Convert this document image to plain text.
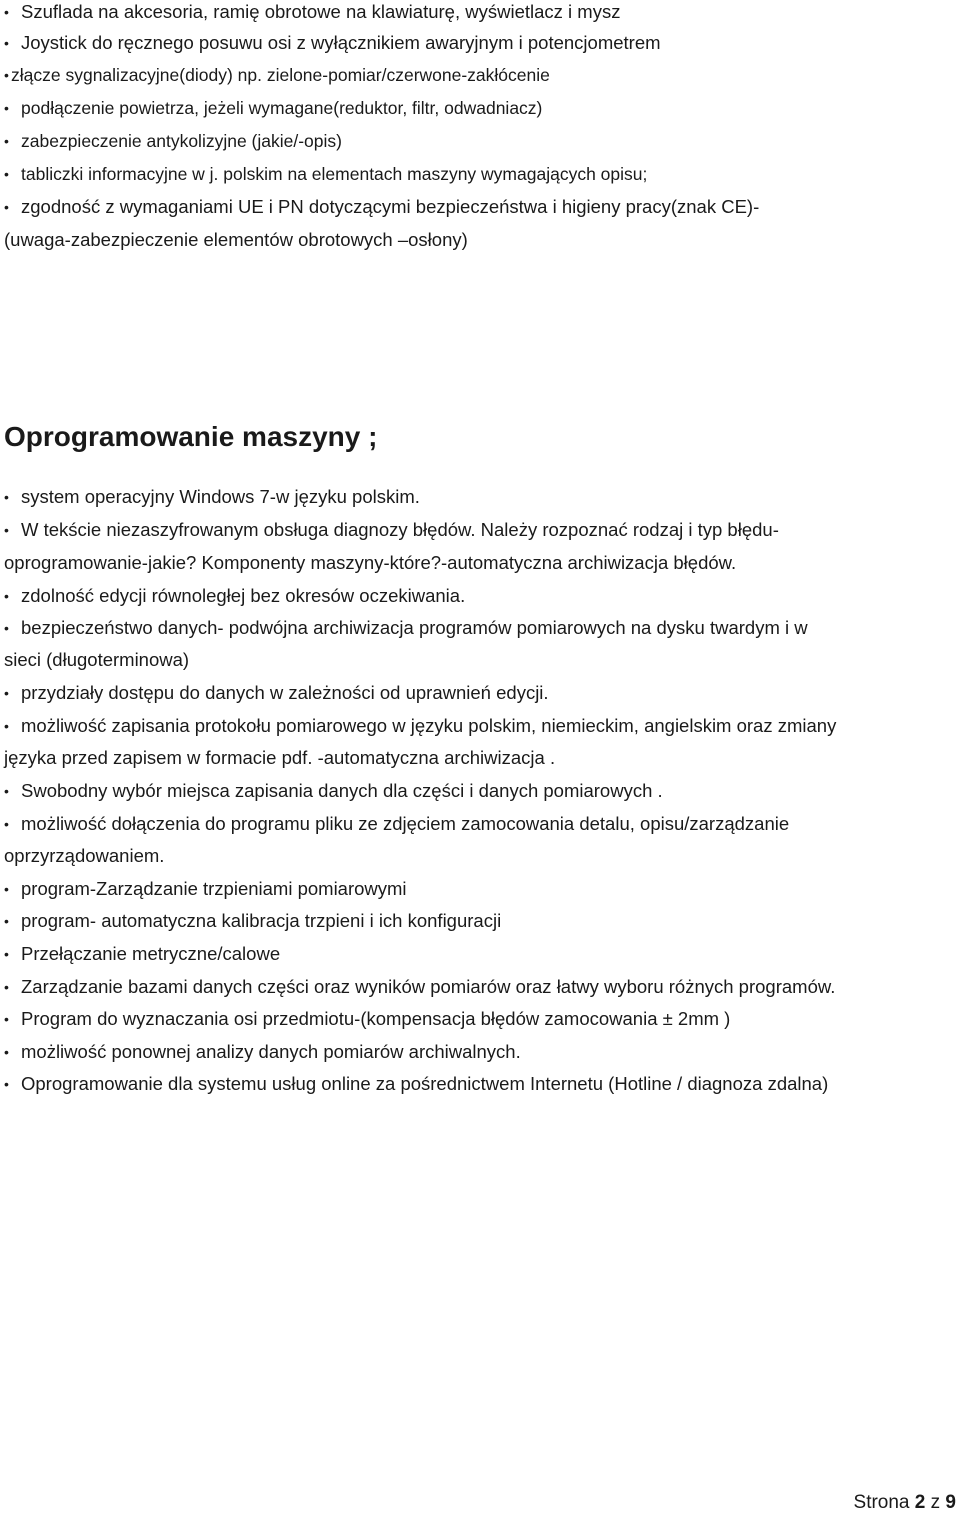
• Szuflada na akcesoria, ramię obrotowe na klawiaturę, wyświetlacz i mysz
• Joystick do ręcznego posuwu osi z wyłącznikiem awaryjnym i potencjometrem
• złącze sygnalizacyjne(diody) np. zielone-pomiar/czerwone-zakłócenie
• podłączenie powietrza, jeżeli wymagane(reduktor, filtr, odwadniacz)
• zabezpieczenie antykolizyjne (jakie/-opis)
• tabliczki informacyjne w j. polskim na elementach maszyny wymagających opisu;
• zgodność z wymaganiami UE i PN dotyczącymi bezpieczeństwa i higieny pracy(znak CE)-
(uwaga-zabezpieczenie elementów obrotowych –osłony)
Oprogramowanie maszyny ;
• system operacyjny Windows 7-w języku polskim.
• W tekście niezaszyfrowanym obsługa diagnozy błędów. Należy rozpoznać rodzaj i typ błędu-
oprogramowanie-jakie? Komponenty maszyny-które?-automatyczna archiwizacja błędów.
• zdolność edycji równoległej bez okresów oczekiwania.
• bezpieczeństwo danych- podwójna archiwizacja programów pomiarowych na dysku twardym i w
sieci (długoterminowa)
• przydziały dostępu do danych w zależności od uprawnień edycji.
• możliwość zapisania protokołu pomiarowego w języku polskim, niemieckim, angielskim oraz zmiany
języka przed zapisem w formacie pdf. -automatyczna archiwizacja .
• Swobodny wybór miejsca zapisania danych dla części i danych pomiarowych .
• możliwość dołączenia do programu pliku ze zdjęciem zamocowania detalu, opisu/zarządzanie
oprzyrządowaniem.
• program-Zarządzanie trzpieniami pomiarowymi
• program- automatyczna kalibracja trzpieni i ich konfiguracji
• Przełączanie metryczne/calowe
• Zarządzanie bazami danych części oraz wyników pomiarów oraz łatwy wyboru różnych programów.
• Program do wyznaczania osi przedmiotu-(kompensacja błędów zamocowania ± 2mm )
• możliwość ponownej analizy danych pomiarów archiwalnych.
• Oprogramowanie dla systemu usług online za pośrednictwem Internetu (Hotline / diagnoza zdalna)
Strona 2 z 9
